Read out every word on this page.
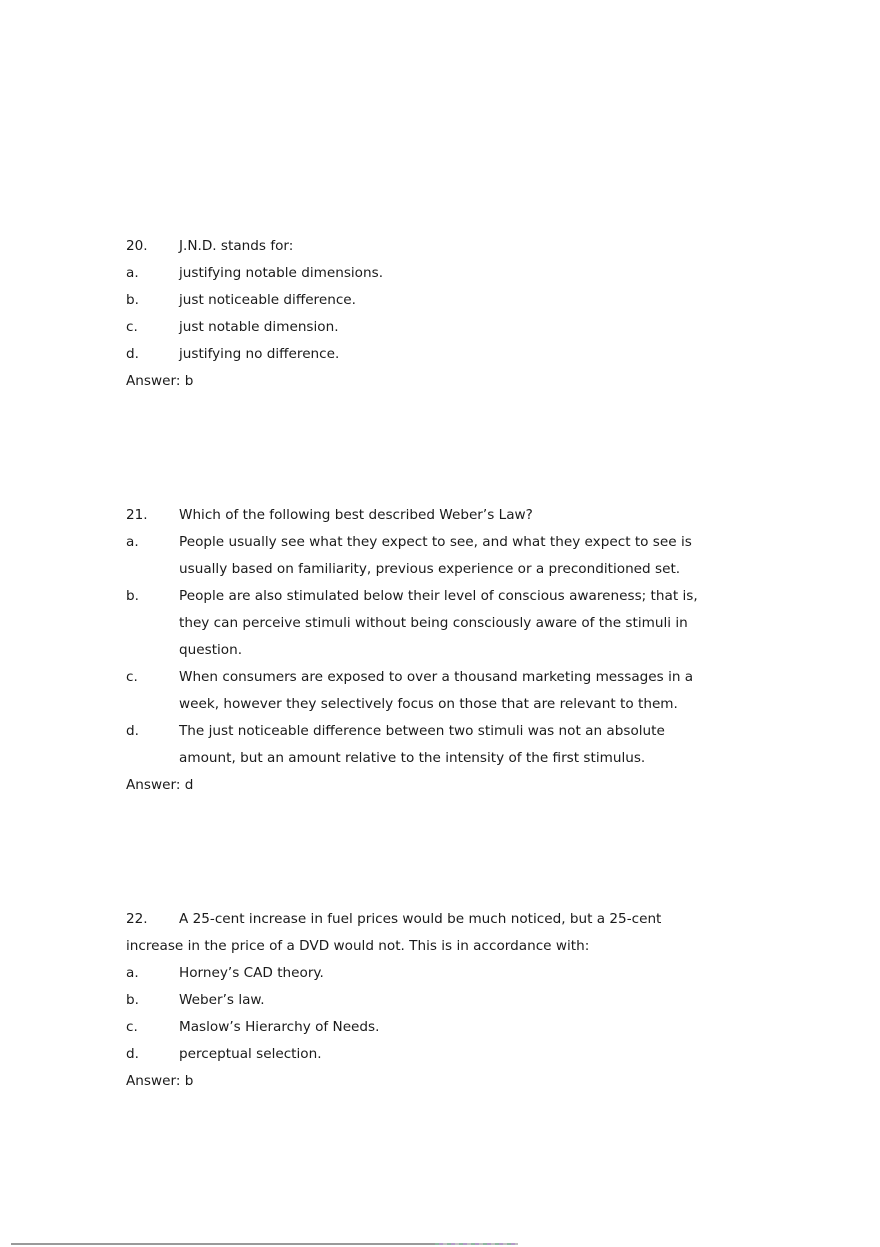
20. J.N.D. stands for:
a.	justifying notable dimensions.
b.	just noticeable difference.
c.	just notable dimension.
d.	justifying no difference.
Answer: b
21. Which of the following best described Weber’s Law?
a.	People usually see what they expect to see, and what they expect to see is
usually based on familiarity, previous experience or a preconditioned set.
b.	People are also stimulated below their level of conscious awareness; that is,
they can perceive stimuli without being consciously aware of the stimuli in
question.
c.	When consumers are exposed to over a thousand marketing messages in a
week, however they selectively focus on those that are relevant to them.
d.	The just noticeable difference between two stimuli was not an absolute
amount, but an amount relative to the intensity of the first stimulus.
Answer: d
22. A 25-cent increase in fuel prices would be much noticed, but a 25-cent
increase in the price of a DVD would not. This is in accordance with:
a.	Horney’s CAD theory.
b.	Weber’s law.
c.	Maslow’s Hierarchy of Needs.
d.	perceptual selection.
Answer: b
